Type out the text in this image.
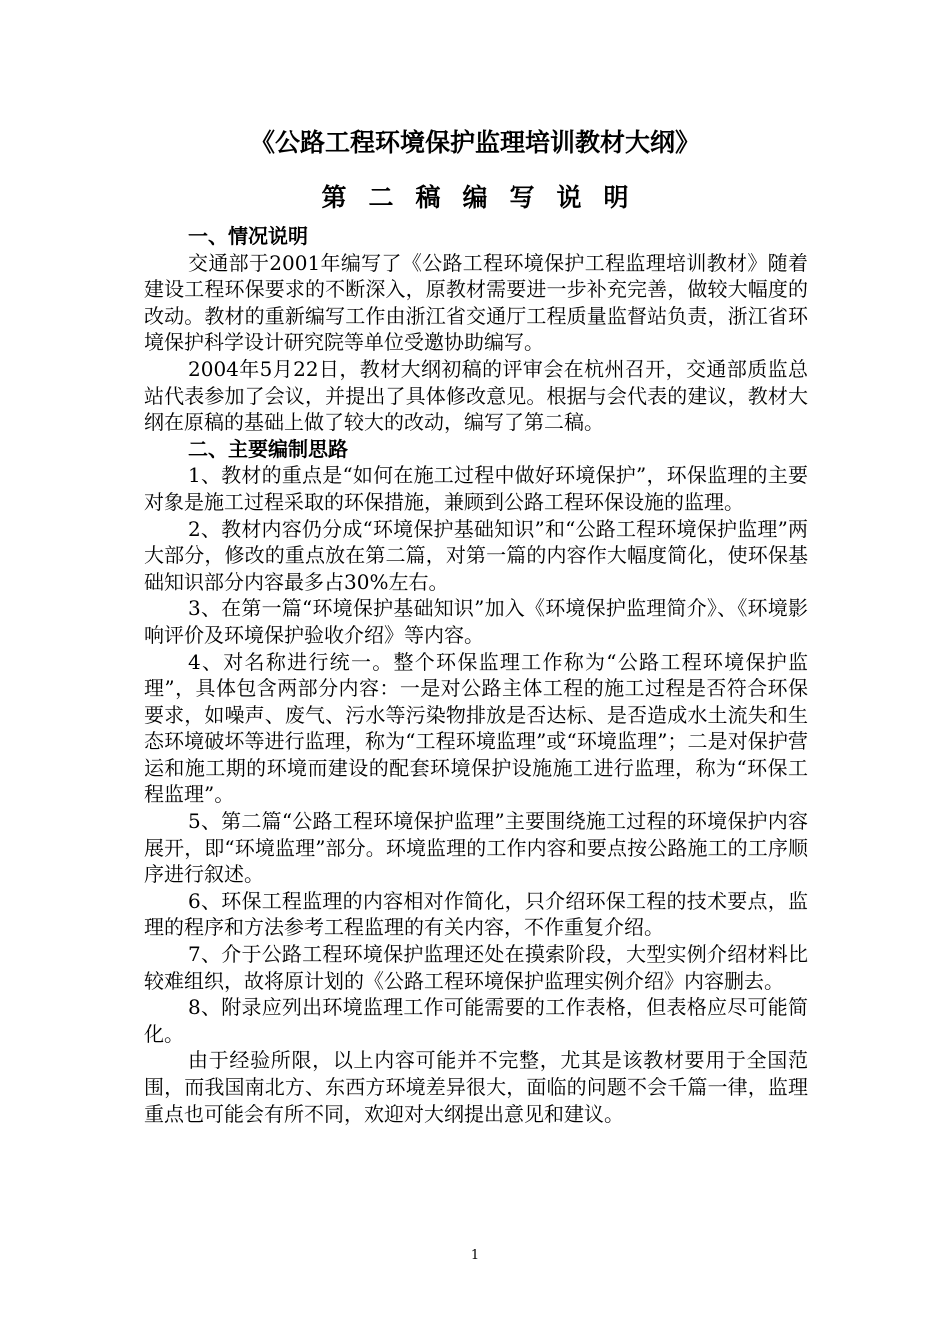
《公路工程环境保护监理培训教材大纲》
第二稿编写说明

一、情况说明

交通部于2001年编写了《公路工程环境保护工程监理培训教材》随着建设工程环保要求的不断深入，原教材需要进一步补充完善，做较大幅度的改动。教材的重新编写工作由浙江省交通厅工程质量监督站负责，浙江省环境保护科学设计研究院等单位受邀协助编写。

2004年5月22日，教材大纲初稿的评审会在杭州召开，交通部质监总站代表参加了会议，并提出了具体修改意见。根据与会代表的建议，教材大纲在原稿的基础上做了较大的改动，编写了第二稿。

二、主要编制思路

1、教材的重点是“如何在施工过程中做好环境保护”，环保监理的主要对象是施工过程采取的环保措施，兼顾到公路工程环保设施的监理。

2、教材内容仍分成“环境保护基础知识”和“公路工程环境保护监理”两大部分，修改的重点放在第二篇，对第一篇的内容作大幅度简化，使环保基础知识部分内容最多占30%左右。

3、在第一篇“环境保护基础知识”加入《环境保护监理简介》、《环境影响评价及环境保护验收介绍》等内容。

4、对名称进行统一。整个环保监理工作称为“公路工程环境保护监理”，具体包含两部分内容：一是对公路主体工程的施工过程是否符合环保要求，如噪声、废气、污水等污染物排放是否达标、是否造成水土流失和生态环境破坏等进行监理，称为“工程环境监理”或“环境监理”；二是对保护营运和施工期的环境而建设的配套环境保护设施施工进行监理，称为“环保工程监理”。

5、第二篇“公路工程环境保护监理”主要围绕施工过程的环境保护内容展开，即“环境监理”部分。环境监理的工作内容和要点按公路施工的工序顺序进行叙述。

6、环保工程监理的内容相对作简化，只介绍环保工程的技术要点，监理的程序和方法参考工程监理的有关内容，不作重复介绍。

7、介于公路工程环境保护监理还处在摸索阶段，大型实例介绍材料比较难组织，故将原计划的《公路工程环境保护监理实例介绍》内容删去。

8、附录应列出环境监理工作可能需要的工作表格，但表格应尽可能简化。

由于经验所限，以上内容可能并不完整，尤其是该教材要用于全国范围，而我国南北方、东西方环境差异很大，面临的问题不会千篇一律，监理重点也可能会有所不同，欢迎对大纲提出意见和建议。

1
